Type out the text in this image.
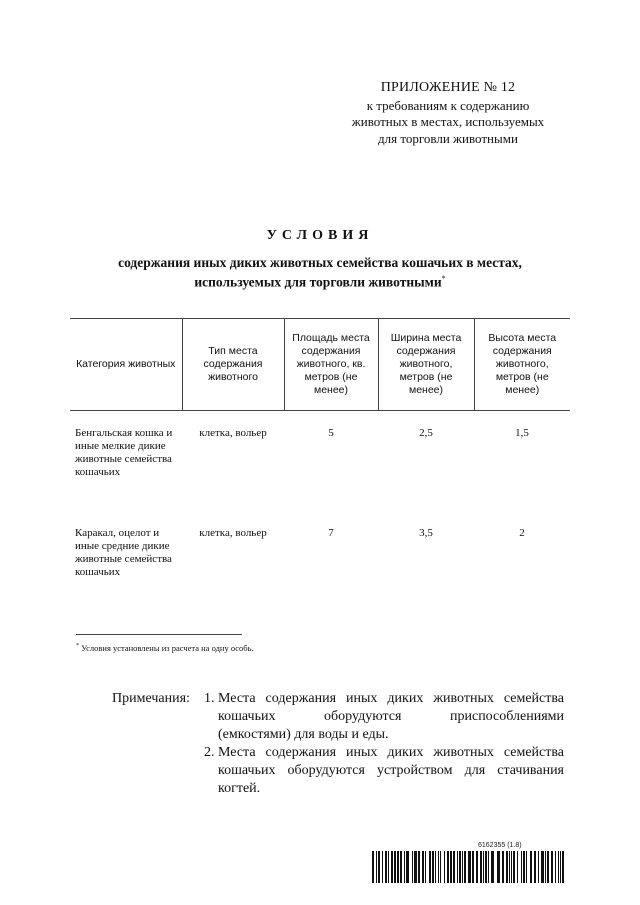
ПРИЛОЖЕНИЕ № 12
к требованиям к содержанию
животных в местах, используемых
для торговли животными
УСЛОВИЯ
содержания иных диких животных семейства кошачьих в местах,
используемых для торговли животными*
Категория животных	Тип места содержания животного	Площадь места содержания животного, кв. метров (не менее)	Ширина места содержания животного, метров (не менее)	Высота места содержания животного, метров (не менее)
Бенгальская кошка и иные мелкие дикие животные семейства кошачьих	клетка, вольер	5	2,5	1,5
Каракал, оцелот и иные средние дикие животные семейства кошачьих	клетка, вольер	7	3,5	2
* Условия установлены из расчета на одну особь.
Примечания:	1. Места содержания иных диких животных семейства кошачьих оборудуются приспособлениями
(емкостями) для воды и еды.
2. Места содержания иных диких животных семейства кошачьих оборудуются устройством для стачивания когтей.
6162355 (1.8)
